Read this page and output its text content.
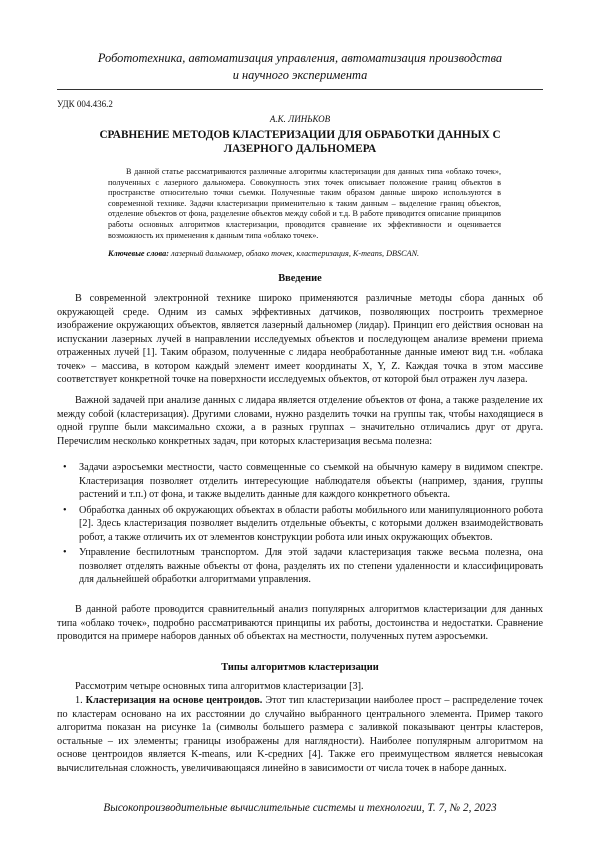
Робототехника, автоматизация управления, автоматизация производства
и научного эксперимента
УДК 004.436.2
А.К. ЛИНЬКОВ
СРАВНЕНИЕ МЕТОДОВ КЛАСТЕРИЗАЦИИ ДЛЯ ОБРАБОТКИ ДАННЫХ С
ЛАЗЕРНОГО ДАЛЬНОМЕРА

В данной статье рассматриваются различные алгоритмы кластеризации для данных типа «облако точек», полученных с лазерного дальномера. Совокупность этих точек описывает положение границ объектов в пространстве относительно точки съемки. Полученные таким образом данные широко используются в современной технике. Задачи кластеризации применительно к таким данным – выделение границ объектов, отделение объектов от фона, разделение объектов между собой и т.д. В работе приводится описание принципов работы основных алгоритмов кластеризации, проводится сравнение их эффективности и оценивается возможность их применения к данным типа «облако точек».

Ключевые слова: лазерный дальномер, облако точек, кластеризация, K-means, DBSCAN.

Введение

В современной электронной технике широко применяются различные методы сбора данных об окружающей среде. Одним из самых эффективных датчиков, позволяющих построить трехмерное изображение окружающих объектов, является лазерный дальномер (лидар). Принцип его действия основан на испускании лазерных лучей в направлении исследуемых объектов и последующем анализе времени приема отраженных лучей [1]. Таким образом, полученные с лидара необработанные данные имеют вид т.н. «облака точек» – массива, в котором каждый элемент имеет координаты X, Y, Z. Каждая точка в этом массиве соответствует конкретной точке на поверхности исследуемых объектов, от которой был отражен луч лазера.

Важной задачей при анализе данных с лидара является отделение объектов от фона, а также разделение их между собой (кластеризация). Другими словами, нужно разделить точки на группы так, чтобы находящиеся в одной группе были максимально схожи, а в разных группах – значительно отличались друг от друга. Перечислим несколько конкретных задач, при которых кластеризация весьма полезна:

• Задачи аэросъемки местности, часто совмещенные со съемкой на обычную камеру в видимом спектре. Кластеризация позволяет отделить интересующие наблюдателя объекты (например, здания, группы растений и т.п.) от фона, и также выделить данные для каждого конкретного объекта.
• Обработка данных об окружающих объектах в области работы мобильного или манипуляционного робота [2]. Здесь кластеризация позволяет выделить отдельные объекты, с которыми должен взаимодействовать робот, а также отличить их от элементов конструкции робота или иных окружающих объектов.
• Управление беспилотным транспортом. Для этой задачи кластеризация также весьма полезна, она позволяет отделять важные объекты от фона, разделять их по степени удаленности и классифицировать для дальнейшей обработки алгоритмами управления.

В данной работе проводится сравнительный анализ популярных алгоритмов кластеризации для данных типа «облако точек», подробно рассматриваются принципы их работы, достоинства и недостатки. Сравнение проводится на примере наборов данных об объектах на местности, полученных путем аэросъемки.

Типы алгоритмов кластеризации

Рассмотрим четыре основных типа алгоритмов кластеризации [3].

1. Кластеризация на основе центроидов. Этот тип кластеризации наиболее прост – распределение точек по кластерам основано на их расстоянии до случайно выбранного центрального элемента. Пример такого алгоритма показан на рисунке 1а (символы большего размера с заливкой показывают центры кластеров, остальные – их элементы; границы изображены для наглядности). Наиболее популярным алгоритмом на основе центроидов является K-means, или K-средних [4]. Также его преимуществом является невысокая вычислительная сложность, увеличивающаяся линейно в зависимости от числа точек в наборе данных.

Высокопроизводительные вычислительные системы и технологии, Т. 7, № 2, 2023
